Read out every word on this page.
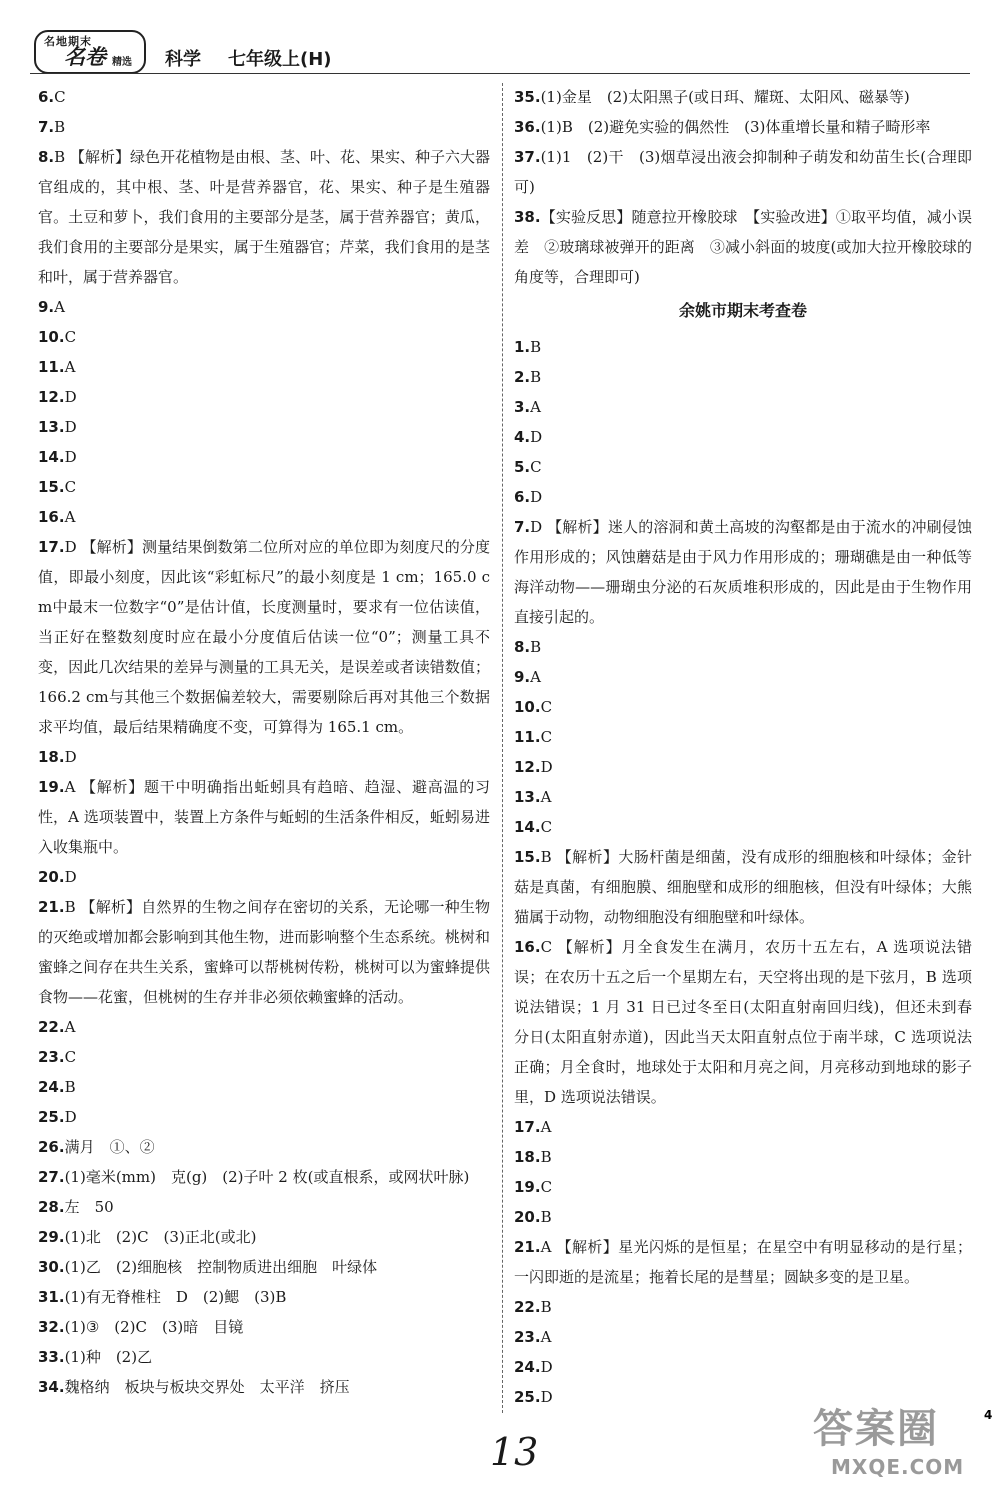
名地期末
名卷 精选 科学 七年级上(H)

6.C

7.B

8.B 【解析】绿色开花植物是由根、茎、叶、花、果实、种子六大器官组成的，其中根、茎、叶是营养器官，花、果实、种子是生殖器官。土豆和萝卜，我们食用的主要部分是茎，属于营养器官；黄瓜，我们食用的主要部分是果实，属于生殖器官；芹菜，我们食用的是茎和叶，属于营养器官。

9.A

10.C

11.A

12.D

13.D

14.D

15.C

16.A

17.D 【解析】测量结果倒数第二位所对应的单位即为刻度尺的分度值，即最小刻度，因此该“彩虹标尺”的最小刻度是 1 cm；165.0 cm中最末一位数字“0”是估计值，长度测量时，要求有一位估读值，当正好在整数刻度时应在最小分度值后估读一位“0”；测量工具不变，因此几次结果的差异与测量的工具无关，是误差或者读错数值；166.2 cm与其他三个数据偏差较大，需要剔除后再对其他三个数据求平均值，最后结果精确度不变，可算得为 165.1 cm。

18.D

19.A 【解析】题干中明确指出蚯蚓具有趋暗、趋湿、避高温的习性，A 选项装置中，装置上方条件与蚯蚓的生活条件相反，蚯蚓易进入收集瓶中。

20.D

21.B 【解析】自然界的生物之间存在密切的关系，无论哪一种生物的灭绝或增加都会影响到其他生物，进而影响整个生态系统。桃树和蜜蜂之间存在共生关系，蜜蜂可以帮桃树传粉，桃树可以为蜜蜂提供食物——花蜜，但桃树的生存并非必须依赖蜜蜂的活动。

22.A

23.C

24.B

25.D

26.满月　①、②

27.(1)毫米(mm)　克(g)　(2)子叶 2 枚(或直根系，或网状叶脉)

28.左　50

29.(1)北　(2)C　(3)正北(或北)

30.(1)乙　(2)细胞核　控制物质进出细胞　叶绿体

31.(1)有无脊椎柱　D　(2)鳃　(3)B

32.(1)③　(2)C　(3)暗　目镜

33.(1)种　(2)乙

34.魏格纳　板块与板块交界处　太平洋　挤压

35.(1)金星　(2)太阳黑子(或日珥、耀斑、太阳风、磁暴等)

36.(1)B　(2)避免实验的偶然性　(3)体重增长量和精子畸形率

37.(1)1　(2)干　(3)烟草浸出液会抑制种子萌发和幼苗生长(合理即可)

38.【实验反思】随意拉开橡胶球　【实验改进】①取平均值，减小误差　②玻璃球被弹开的距离　③减小斜面的坡度(或加大拉开橡胶球的角度等，合理即可)

余姚市期末考查卷

1.B

2.B

3.A

4.D

5.C

6.D

7.D 【解析】迷人的溶洞和黄土高坡的沟壑都是由于流水的冲刷侵蚀作用形成的；风蚀蘑菇是由于风力作用形成的；珊瑚礁是由一种低等海洋动物——珊瑚虫分泌的石灰质堆积形成的，因此是由于生物作用直接引起的。

8.B

9.A

10.C

11.C

12.D

13.A

14.C

15.B 【解析】大肠杆菌是细菌，没有成形的细胞核和叶绿体；金针菇是真菌，有细胞膜、细胞壁和成形的细胞核，但没有叶绿体；大熊猫属于动物，动物细胞没有细胞壁和叶绿体。

16.C 【解析】月全食发生在满月，农历十五左右，A 选项说法错误；在农历十五之后一个星期左右，天空将出现的是下弦月，B 选项说法错误；1 月 31 日已过冬至日(太阳直射南回归线)，但还未到春分日(太阳直射赤道)，因此当天太阳直射点位于南半球，C 选项说法正确；月全食时，地球处于太阳和月亮之间，月亮移动到地球的影子里，D 选项说法错误。

17.A

18.B

19.C

20.B

21.A 【解析】星光闪烁的是恒星；在星空中有明显移动的是行星；一闪即逝的是流星；拖着长尾的是彗星；圆缺多变的是卫星。

22.B

23.A

24.D

25.D

13
4
答案圈
MXQE.COM
